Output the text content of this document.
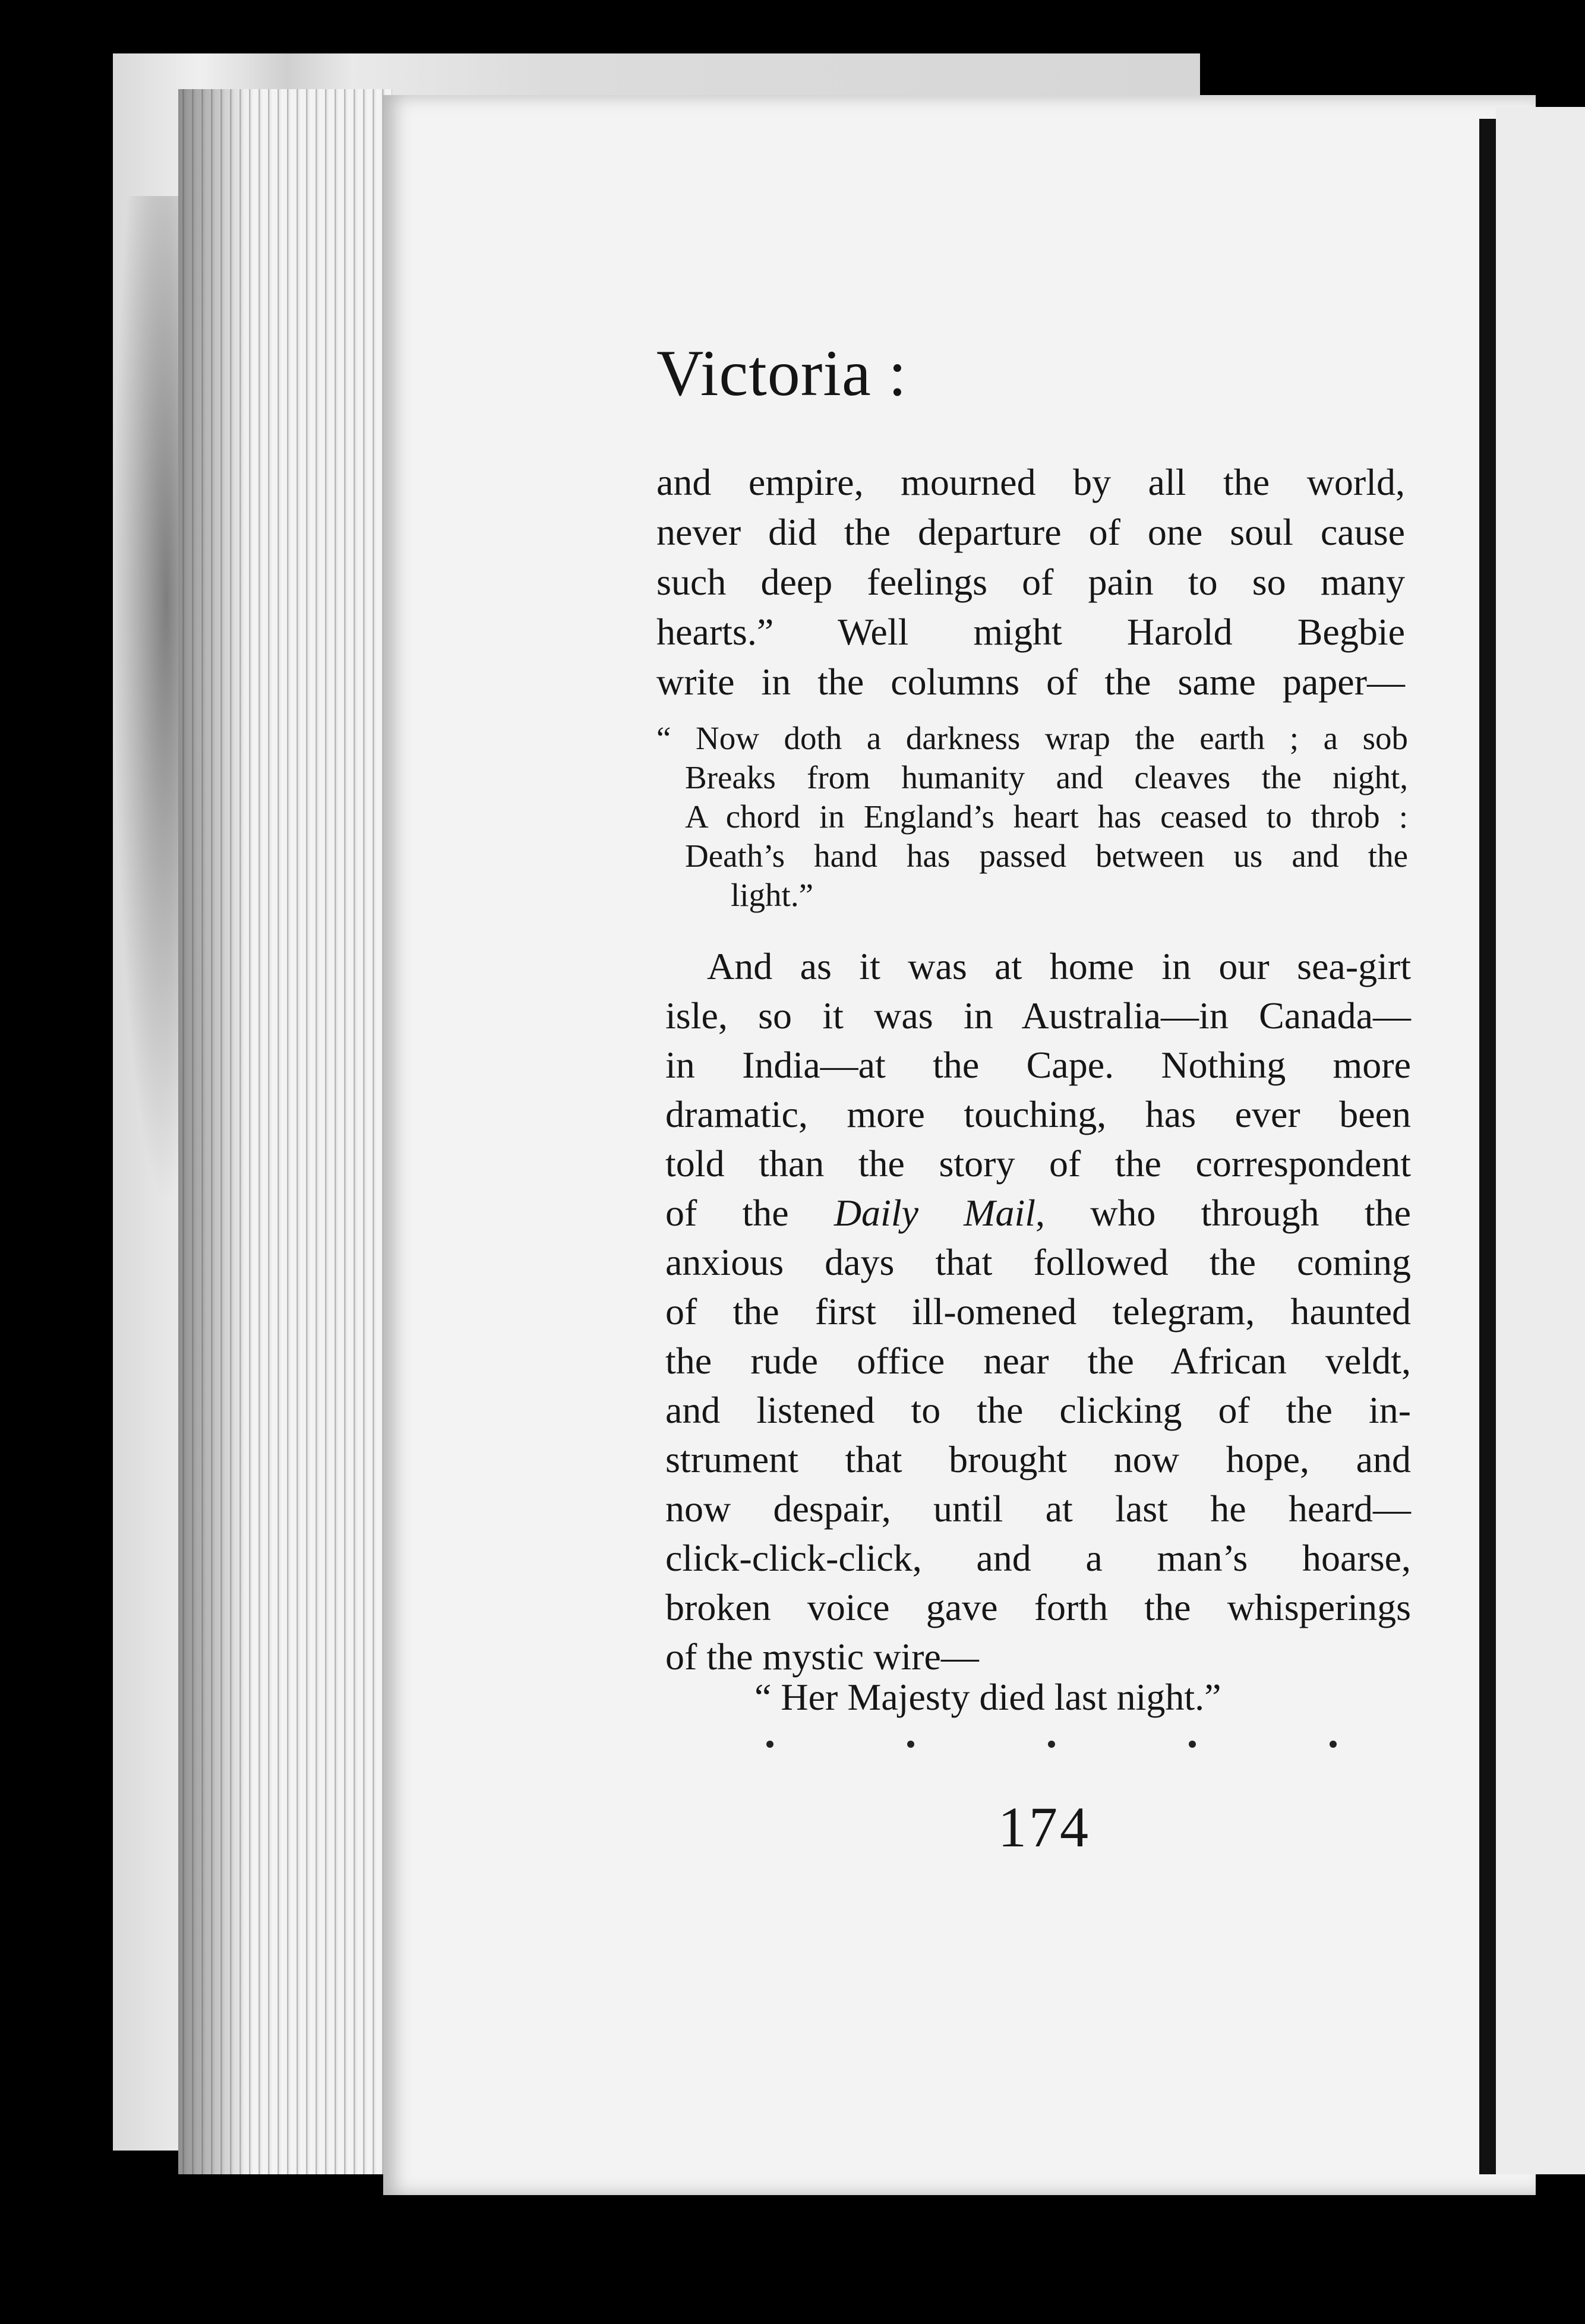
Victoria :
and empire, mourned by all the world,
never did the departure of one soul cause
such deep feelings of pain to so many
hearts.” Well might Harold Begbie
write in the columns of the same paper—
“ Now doth a darkness wrap the earth ; a sob
Breaks from humanity and cleaves the night,
A chord in England’s heart has ceased to throb :
Death’s hand has passed between us and the
light.”
And as it was at home in our sea-girt
isle, so it was in Australia—in Canada—
in India—at the Cape. Nothing more
dramatic, more touching, has ever been
told than the story of the correspondent
of the Daily Mail, who through the
anxious days that followed the coming
of the first ill-omened telegram, haunted
the rude office near the African veldt,
and listened to the clicking of the in-
strument that brought now hope, and
now despair, until at last he heard—
click-click-click, and a man’s hoarse,
broken voice gave forth the whisperings
of the mystic wire—
“ Her Majesty died last night.”
174
